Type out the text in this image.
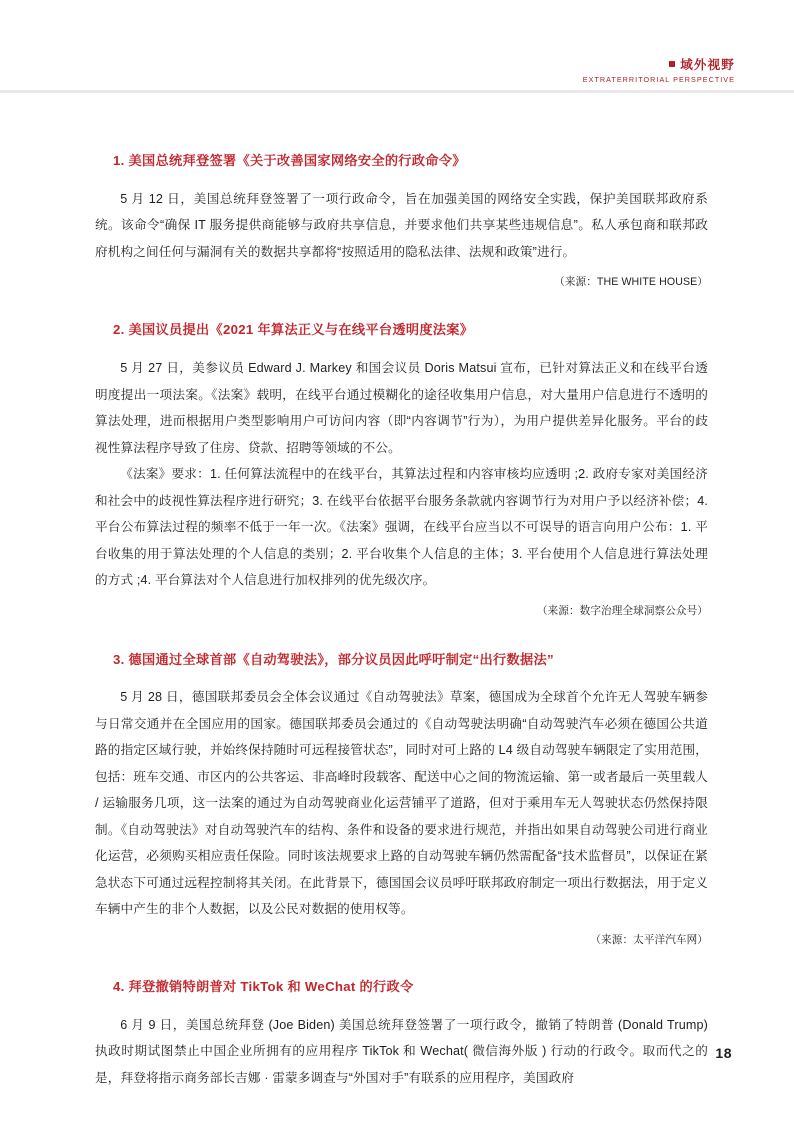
域外视野
EXTRATERRITORIAL PERSPECTIVE
1. 美国总统拜登签署《关于改善国家网络安全的行政命令》

5 月 12 日，美国总统拜登签署了一项行政命令，旨在加强美国的网络安全实践，保护美国联邦政府系统。该命令“确保 IT 服务提供商能够与政府共享信息，并要求他们共享某些违规信息”。私人承包商和联邦政府机构之间任何与漏洞有关的数据共享都将“按照适用的隐私法律、法规和政策”进行。

（来源：THE WHITE HOUSE）

2. 美国议员提出《2021 年算法正义与在线平台透明度法案》

5 月 27 日，美参议员 Edward J. Markey 和国会议员 Doris Matsui 宣布，已针对算法正义和在线平台透明度提出一项法案。《法案》载明，在线平台通过模糊化的途径收集用户信息，对大量用户信息进行不透明的算法处理，进而根据用户类型影响用户可访问内容（即“内容调节”行为），为用户提供差异化服务。平台的歧视性算法程序导致了住房、贷款、招聘等领域的不公。

《法案》要求：1. 任何算法流程中的在线平台，其算法过程和内容审核均应透明 ;2. 政府专家对美国经济和社会中的歧视性算法程序进行研究；3. 在线平台依据平台服务条款就内容调节行为对用户予以经济补偿；4. 平台公布算法过程的频率不低于一年一次。《法案》强调，在线平台应当以不可误导的语言向用户公布：1. 平台收集的用于算法处理的个人信息的类别；2. 平台收集个人信息的主体；3. 平台使用个人信息进行算法处理的方式 ;4. 平台算法对个人信息进行加权排列的优先级次序。

（来源：数字治理全球洞察公众号）

3. 德国通过全球首部《自动驾驶法》，部分议员因此呼吁制定“出行数据法”

5 月 28 日，德国联邦委员会全体会议通过《自动驾驶法》草案，德国成为全球首个允许无人驾驶车辆参与日常交通并在全国应用的国家。德国联邦委员会通过的《自动驾驶法明确“自动驾驶汽车必须在德国公共道路的指定区域行驶，并始终保持随时可远程接管状态”，同时对可上路的 L4 级自动驾驶车辆限定了实用范围，包括：班车交通、市区内的公共客运、非高峰时段载客、配送中心之间的物流运输、第一或者最后一英里载人 / 运输服务几项，这一法案的通过为自动驾驶商业化运营铺平了道路，但对于乘用车无人驾驶状态仍然保持限制。《自动驾驶法》对自动驾驶汽车的结构、条件和设备的要求进行规范，并指出如果自动驾驶公司进行商业化运营，必须购买相应责任保险。同时该法规要求上路的自动驾驶车辆仍然需配备“技术监督员”，以保证在紧急状态下可通过远程控制将其关闭。在此背景下，德国国会议员呼吁联邦政府制定一项出行数据法，用于定义车辆中产生的非个人数据，以及公民对数据的使用权等。

（来源：太平洋汽车网）

4. 拜登撤销特朗普对 TikTok 和 WeChat 的行政令

6 月 9 日，美国总统拜登 (Joe Biden) 美国总统拜登签署了一项行政令，撤销了特朗普 (Donald Trump) 执政时期试图禁止中国企业所拥有的应用程序 TikTok 和 Wechat( 微信海外版 ) 行动的行政令。取而代之的是，拜登将指示商务部长吉娜 · 雷蒙多调查与“外国对手”有联系的应用程序，美国政府

18
